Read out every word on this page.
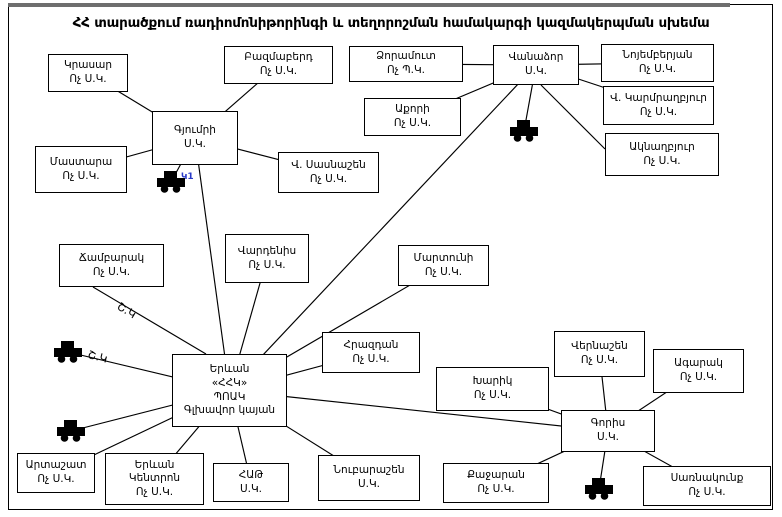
ՀՀ տարածքում ռադիոմոնիթորինգի և տեղորոշման համակարգի կազմակերպման սխեմա
Կրասար
Ոչ Ս.Կ.
Բազմաբերդ
Ոչ Ս.Կ.
Ձորամուտ
Ոչ Պ.Կ.
Վանաձոր
Ս.Կ.
Նոյեմբերյան
Ոչ Ս.Կ.
Գյումրի
Ս.Կ.
Աքորի
Ոչ Ս.Կ.
Վ. Կարմրաղբյուր
Ոչ Ս.Կ.
Մաստարա
Ոչ Ս.Կ.
Վ. Սասնաշեն
Ոչ Ս.Կ.
Ակնաղբյուր
Ոչ Ս.Կ.
Ճամբարակ
Ոչ Ս.Կ.
Վարդենիս
Ոչ Ս.Կ.
Մարտունի
Ոչ Ս.Կ.
Երևան
«ՀՀԿ»
ՊՈԱԿ
Գլխավոր կայան
Հրազդան
Ոչ Ս.Կ.
Խարիկ
Ոչ Ս.Կ.
Նուբարաշեն
Ս.Կ.
Քաջարան
Ոչ Ս.Կ.
Վերնաշեն
Ոչ Ս.Կ.	Ագարակ
Ոչ Ս.Կ.
Գորիս
Ս.Կ.
Սառնակունք
Ոչ Ս.Կ.
Արտաշատ
Ոչ Ս.Կ.
Երևան
Կենտրոն
Ոչ Ս.Կ.
ՀԱԹ
Ս.Կ.
Շ.Կ
Շ.Կ
Կ1
